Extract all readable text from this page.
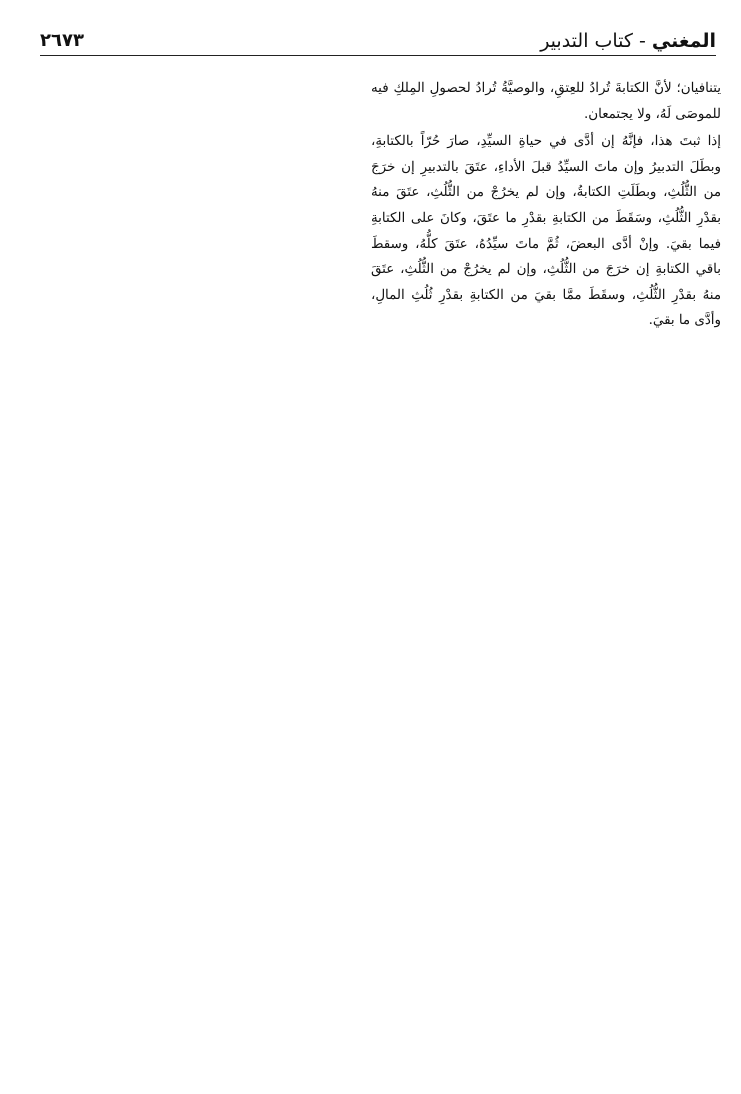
المغني - كتاب التدبير
٢٦٧٣

يتنافيان؛ لأنَّ الكتابةَ تُرادُ للعِتقِ، والوصيَّةُ تُرادُ لحصولِ المِلكِ فيه للموصَى لَهُ، ولا يجتمعان.

إذا ثبتَ هذا، فإنَّهُ إن أدَّى في حياةِ السيِّدِ، صارَ حُرّاً بالكتابةِ، وبطَلَ التدبيرُ وإن ماتَ السيِّدُ قبلَ الأداءِ، عتَقَ بالتدبيرِ إن خرَجَ من الثُّلُثِ، وبطَلَتِ الكتابةُ، وإن لم يخرُجْ من الثُّلُثِ، عتَقَ منهُ بقدْرِ الثُّلُثِ، وسَقَطَ من الكتابةِ بقدْرِ ما عتَقَ، وكانَ على الكتابةِ فيما بقيَ. وإنْ أدَّى البعضَ، ثُمَّ ماتَ سيِّدُهُ، عتَقَ كلُّهُ، وسقطَ باقي الكتابةِ إن خرَجَ من الثُّلُثِ، وإن لم يخرُجْ من الثُّلُثِ، عتَقَ منهُ بقدْرِ الثُّلُثِ، وسقَطَ ممَّا بقيَ من الكتابةِ بقدْرِ ثُلُثِ المالِ، وأدَّى ما بقيَ.
